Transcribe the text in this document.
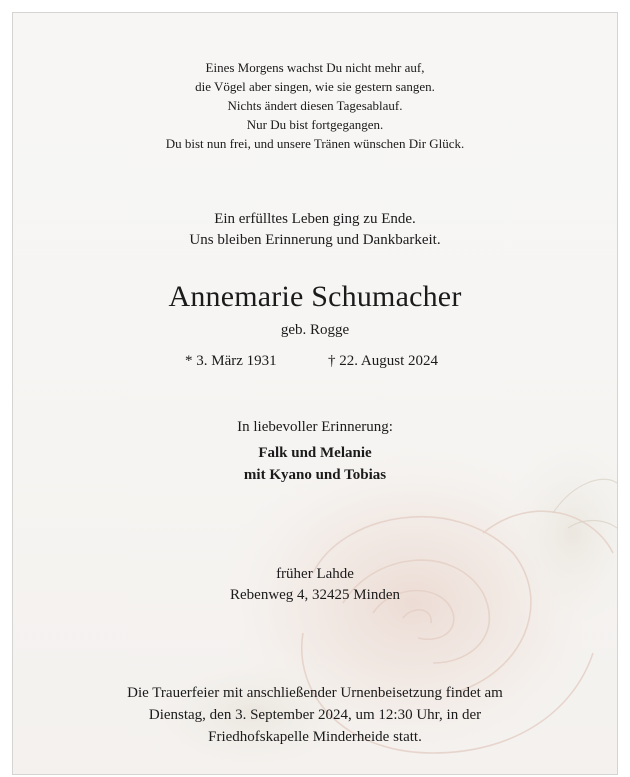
Eines Morgens wachst Du nicht mehr auf,
die Vögel aber singen, wie sie gestern sangen.
Nichts ändert diesen Tagesablauf.
Nur Du bist fortgegangen.
Du bist nun frei, und unsere Tränen wünschen Dir Glück.
Ein erfülltes Leben ging zu Ende.
Uns bleiben Erinnerung und Dankbarkeit.
Annemarie Schumacher
geb. Rogge
* 3. März 1931	† 22. August 2024
In liebevoller Erinnerung:
Falk und Melanie
mit Kyano und Tobias
früher Lahde
Rebenweg 4, 32425 Minden
Die Trauerfeier mit anschließender Urnenbeisetzung findet am
Dienstag, den 3. September 2024, um 12:30 Uhr, in der
Friedhofskapelle Minderheide statt.
